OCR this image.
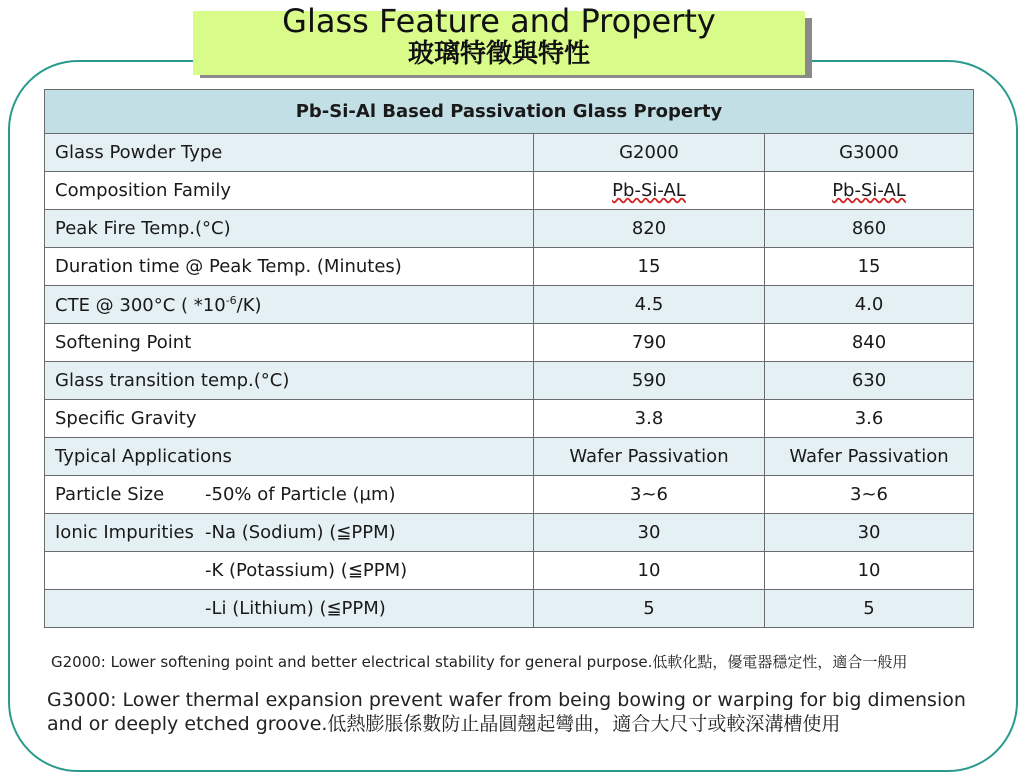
Glass Feature and Property
玻璃特徵與特性
Pb-Si-Al Based Passivation Glass Property		
Glass Powder Type	G2000	G3000
Composition Family	Pb-Si-AL	Pb-Si-AL
Peak Fire Temp.(°C)	820	860
Duration time @ Peak Temp. (Minutes)	15	15
CTE @ 300°C ( $*10^{-6}/K$)	4.5	4.0
Softening Point	790	840
Glass transition temp.(°C)	590	630
Specific Gravity	3.8	3.6
Typical Applications	Wafer Passivation	Wafer Passivation
Particle Size -50% of Particle (µm)	3~6	3~6
Ionic Impurities -Na (Sodium) (≦PPM)	30	30
-K (Potassium) (≦PPM)	10	10
-Li (Lithium) (≦PPM)	5	5
G2000: Lower softening point and better electrical stability for general purpose.低軟化點，優電器穩定性，適合一般用
G3000: Lower thermal expansion prevent wafer from being bowing or warping for big dimension and or deeply etched groove.低熱膨脹係數防止晶圓翹起彎曲，適合大尺寸或較深溝槽使用
